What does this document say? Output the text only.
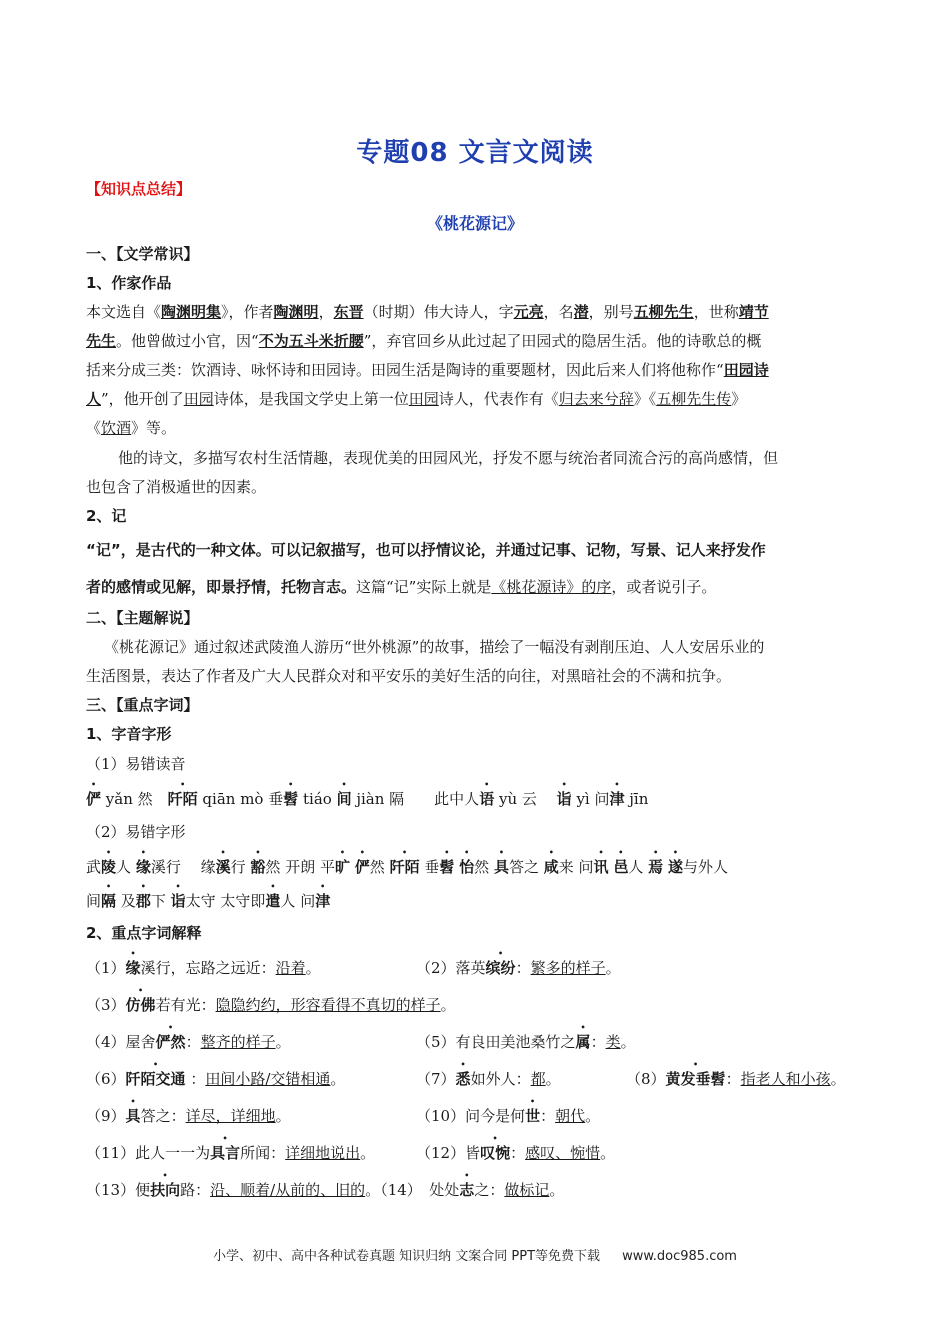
专题08 文言文阅读
【知识点总结】
《桃花源记》
一、【文学常识】
1、作家作品
本文选自《陶渊明集》，作者陶渊明，东晋（时期）伟大诗人，字元亮，名潜，别号五柳先生，世称靖节
先生。他曾做过小官，因“不为五斗米折腰”，弃官回乡从此过起了田园式的隐居生活。他的诗歌总的概
括来分成三类：饮酒诗、咏怀诗和田园诗。田园生活是陶诗的重要题材，因此后来人们将他称作“田园诗
人”，他开创了田园诗体，是我国文学史上第一位田园诗人，代表作有《归去来兮辞》《五柳先生传》
《饮酒》等。
他的诗文，多描写农村生活情趣，表现优美的田园风光，抒发不愿与统治者同流合污的高尚感情，但
也包含了消极遁世的因素。
2、记
“记”，是古代的一种文体。可以记叙描写，也可以抒情议论，并通过记事、记物，写景、记人来抒发作
者的感情或见解，即景抒情，托物言志。这篇“记”实际上就是《桃花源诗》的序，或者说引子。
二、【主题解说】
《桃花源记》通过叙述武陵渔人游历“世外桃源”的故事，描绘了一幅没有剥削压迫、人人安居乐业的
生活图景，表达了作者及广大人民群众对和平安乐的美好生活的向往，对黑暗社会的不满和抗争。
三、【重点字词】
1、字音字形
（1）易错读音
俨 yǎn 然　阡陌 qiān mò 垂髫 tiáo 间 jiàn 隔　　此中人语 yù 云　 诣 yì 问津 jīn
（2）易错字形
武陵人 缘溪行　 缘溪行 豁然 开朗 平旷 俨然 阡陌 垂髫 怡然 具答之 咸来 问讯 邑人 焉 遂与外人
间隔 及郡下 诣太守 太守即遣人 问津
2、重点字词解释
（1）缘溪行，忘路之远近：沿着。	（2）落英缤纷：繁多的样子。
（3）仿佛若有光：隐隐约约，形容看得不真切的样子。
（4）屋舍俨然：整齐的样子。	（5）有良田美池桑竹之属：类。
（6）阡陌交通 ：田间小路/交错相通。	（7）悉如外人：都。	（8）黄发垂髫：指老人和小孩。
（9）具答之：详尽，详细地。	（10）问今是何世：朝代。
（11）此人一一为具言所闻：详细地说出。	（12）皆叹惋：感叹、惋惜。
（13）便扶向路：沿、顺着/从前的、旧的。（14）　处处志之：做标记。
小学、初中、高中各种试卷真题 知识归纳 文案合同 PPT等免费下载 www.doc985.com
